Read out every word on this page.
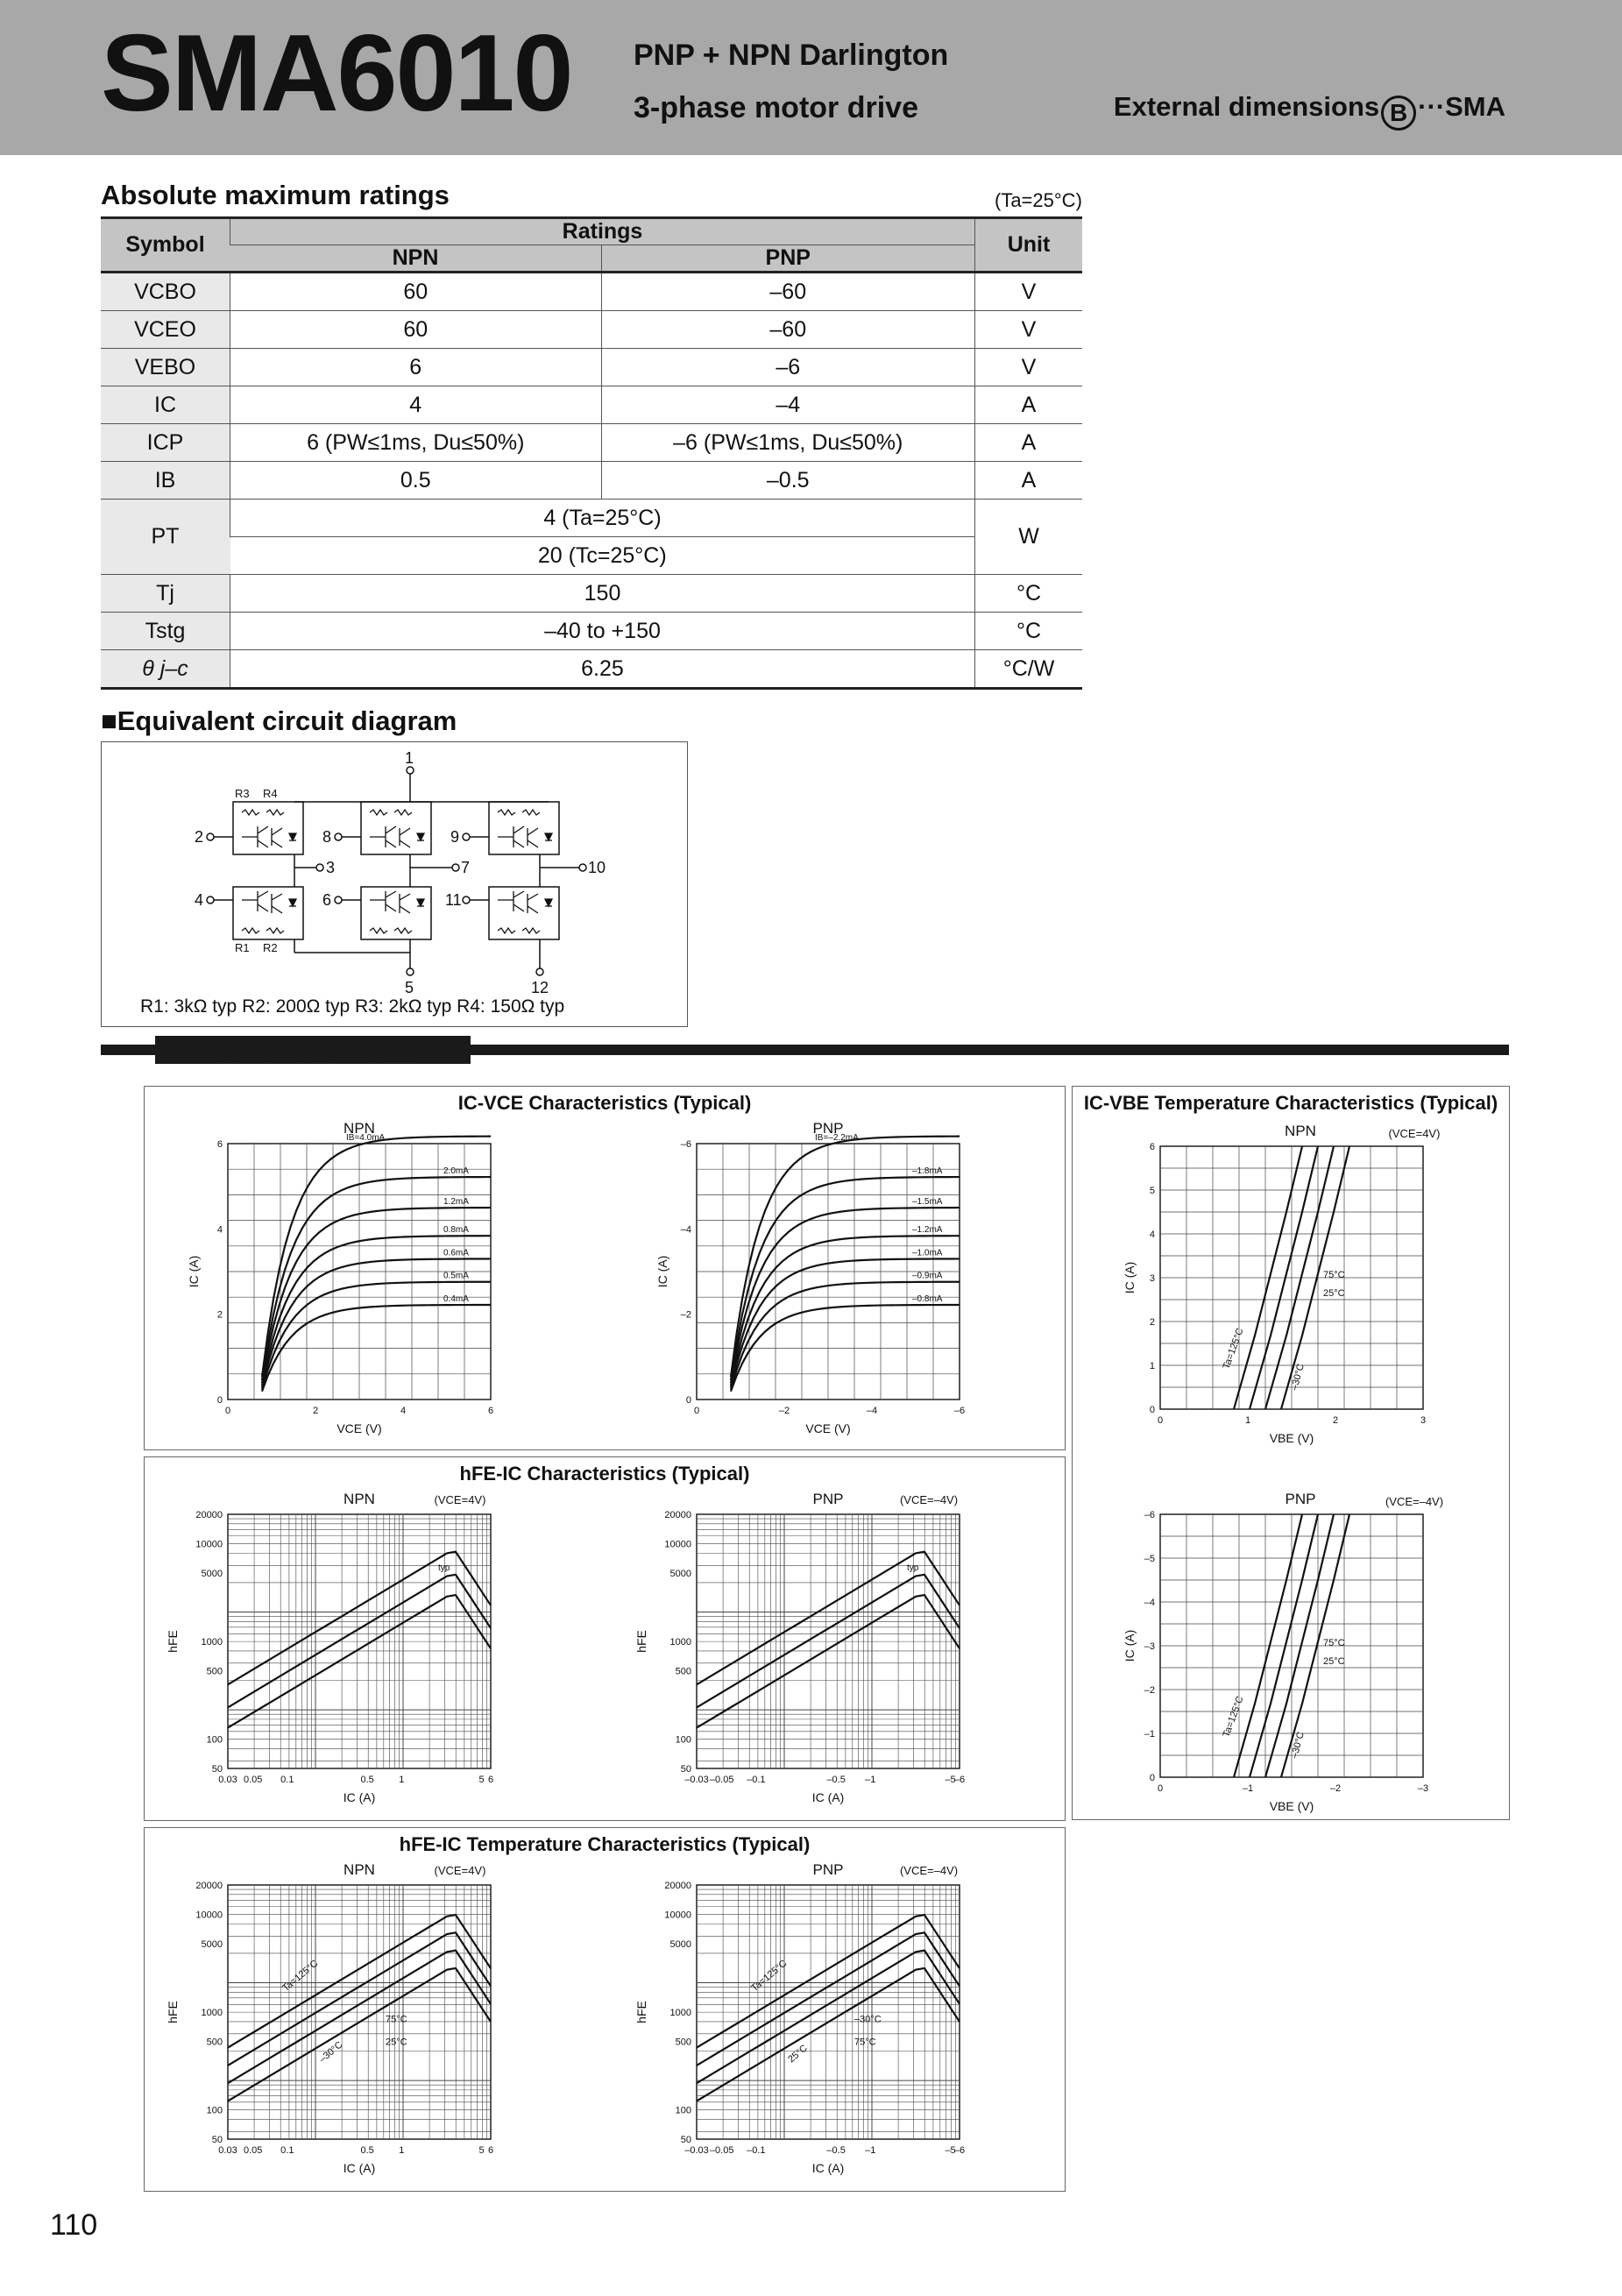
SMA6010 PNP + NPN Darlington
3-phase motor drive	External dimensions B ···SMA
Absolute maximum ratings	(Ta=25°C)
Symbol	Ratings		Unit
	NPN	PNP	
VCBO	60	–60	V
VCEO	60	–60	V
VEBO	6	–6	V
IC	4	–4	A
ICP	6 (PW≤1ms, Du≤50%)	–6 (PW≤1ms, Du≤50%)	A
IB	0.5	–0.5	A
PT	4 (Ta=25°C)		W
	20 (Tc=25°C)		
Tj	150		°C
Tstg	–40 to +150		°C
θ j–c	6.25		°C/W
■Equivalent circuit diagram
1
2	8	9
3	7	10
4	6	11
5	12
R3 R4
R1 R2
R1: 3kΩ typ R2: 200Ω typ R3: 2kΩ typ R4: 150Ω typ
Characteristic curves
IC-VCE Characteristics (Typical)
NPN
0
2
4
6
0	2	4	6
VCE (V)
IC (A)
IB=4.0mA
2.0mA
1.2mA
0.8mA
0.6mA
0.5mA
0.4mA
PNP
0
–2
–4
–6
0	–2	–4	–6
VCE (V)
IC (A)
IB=–2.2mA
–1.8mA
–1.5mA
–1.2mA
–1.0mA
–0.9mA
–0.8mA
IC-VBE Temperature Characteristics (Typical)
NPN	(VCE=4V)
0
1
2
3
4
5
6
0	1	2	3
VBE (V)
IC (A)
Ta=125°C
75°C
25°C
–30°C
PNP	(VCE=–4V)
0
–1
–2
–3
–4
–5
–6
0	–1	–2	–3
VBE (V)
IC (A)
Ta=125°C
75°C
25°C
–30°C
hFE-IC Characteristics (Typical)
NPN	(VCE=4V)
50
100
500
1000
5000
10000
20000
0.03 0.05 0.1	0.5	1	5 6
IC (A)
hFE
typ
PNP	(VCE=–4V)
50
100
500
1000
5000
10000
20000
–0.03 –0.05 –0.1	–0.5 –1	–5
–6
IC (A)
hFE
typ
hFE-IC Temperature Characteristics (Typical)
NPN	(VCE=4V)
50
100
500
1000
5000
10000
20000
0.03 0.05 0.1	0.5	1	5 6
IC (A)
hFE
Ta=125°C
75°C
25°C
–30°C
PNP	(VCE=–4V)
50
100
500
1000
5000
10000
20000
–0.03 –0.05 –0.1	–0.5 –1	–5
–6
IC (A)
hFE
Ta=125°C
–30°C
75°C
25°C
110
